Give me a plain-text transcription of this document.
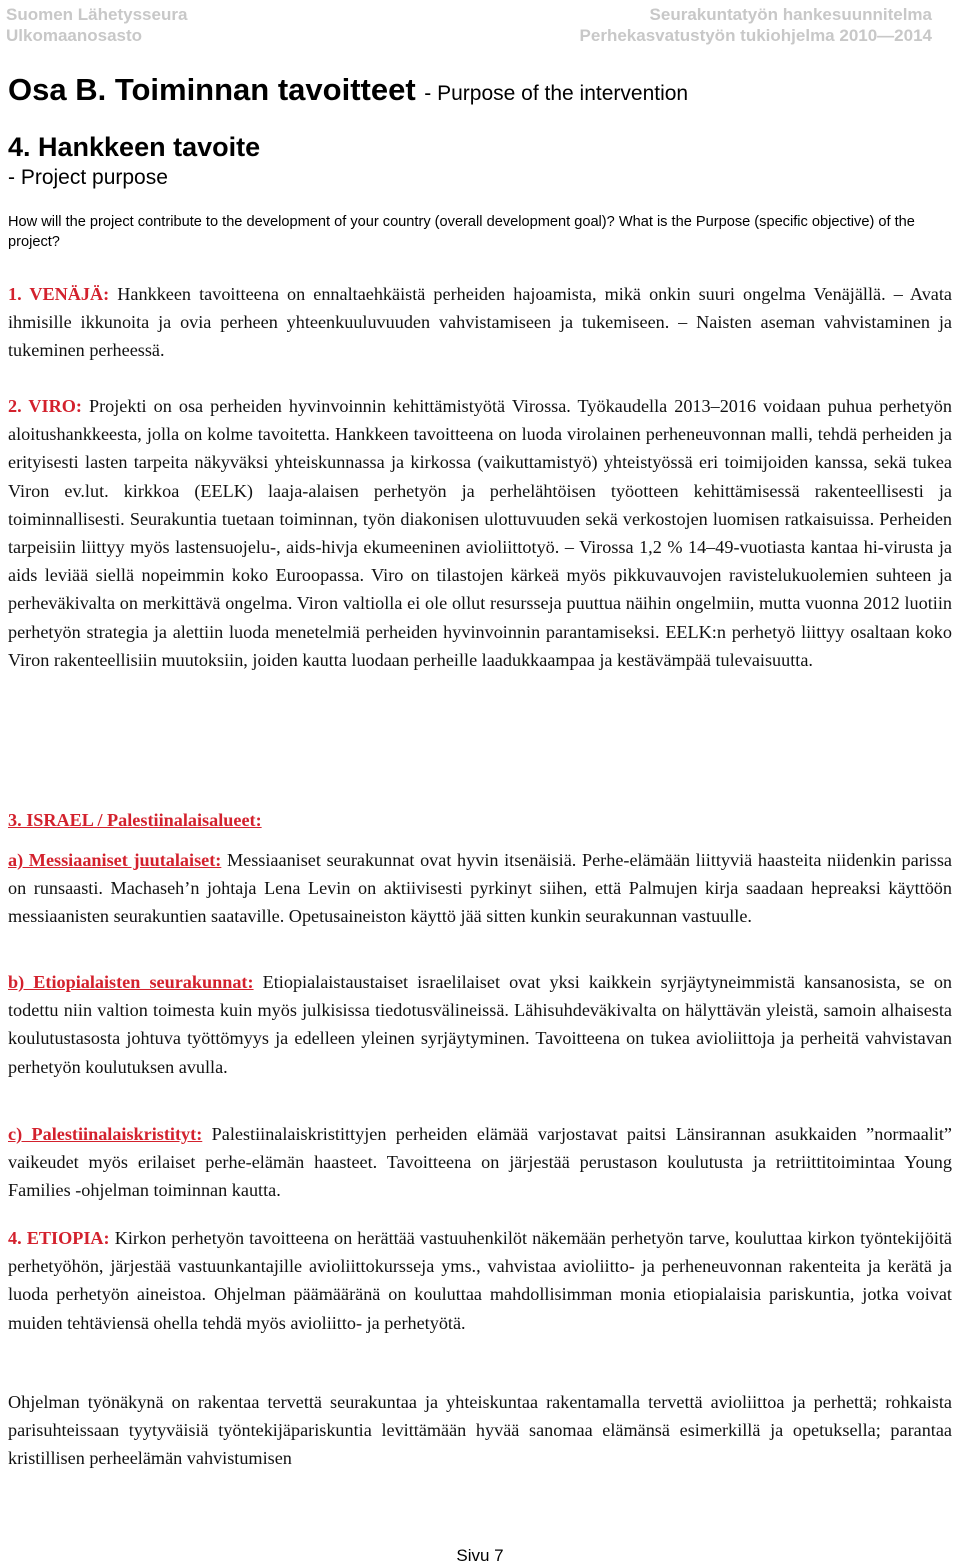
Suomen Lähetysseura
Ulkomaanosasto
Seurakuntatyön hankesuunnitelma
Perhekasvatustyön tukiohjelma 2010—2014
Osa B. Toiminnan tavoitteet - Purpose of the intervention
4. Hankkeen tavoite
- Project purpose
How will the project contribute to the development of your country (overall development goal)? What is the Purpose (specific objective) of the project?
1. VENÄJÄ: Hankkeen tavoitteena on ennaltaehkäistä perheiden hajoamista, mikä onkin suuri ongelma Venäjällä. – Avata ihmisille ikkunoita ja ovia perheen yhteenkuuluvuuden vahvistamiseen ja tukemiseen. – Naisten aseman vahvistaminen ja tukeminen perheessä.
2. VIRO: Projekti on osa perheiden hyvinvoinnin kehittämistyötä Virossa. Työkaudella 2013–2016 voidaan puhua perhetyön aloitushankkeesta, jolla on kolme tavoitetta. Hankkeen tavoitteena on luoda virolainen perheneuvonnan malli, tehdä perheiden ja erityisesti lasten tarpeita näkyväksi yhteiskunnassa ja kirkossa (vaikuttamistyö) yhteistyössä eri toimijoiden kanssa, sekä tukea Viron ev.lut. kirkkoa (EELK) laaja-alaisen perhetyön ja perhelähtöisen työotteen kehittämisessä rakenteellisesti ja toiminnallisesti. Seurakuntia tuetaan toiminnan, työn diakonisen ulottuvuuden sekä verkostojen luomisen ratkaisuissa. Perheiden tarpeisiin liittyy myös lastensuojelu-, aids-hivja ekumeeninen avioliittotyö. – Virossa 1,2 % 14–49-vuotiasta kantaa hi-virusta ja aids leviää siellä nopeimmin koko Euroopassa. Viro on tilastojen kärkeä myös pikkuvauvojen ravistelukuolemien suhteen ja perheväkivalta on merkittävä ongelma. Viron valtiolla ei ole ollut resursseja puuttua näihin ongelmiin, mutta vuonna 2012 luotiin perhetyön strategia ja alettiin luoda menetelmiä perheiden hyvinvoinnin parantamiseksi. EELK:n perhetyö liittyy osaltaan koko Viron rakenteellisiin muutoksiin, joiden kautta luodaan perheille laadukkaampaa ja kestävämpää tulevaisuutta.
3. ISRAEL / Palestiinalaisalueet:
a) Messiaaniset juutalaiset: Messiaaniset seurakunnat ovat hyvin itsenäisiä. Perhe-elämään liittyviä haasteita niidenkin parissa on runsaasti. Machaseh’n johtaja Lena Levin on aktiivisesti pyrkinyt siihen, että Palmujen kirja saadaan hepreaksi käyttöön messiaanisten seurakuntien saataville. Opetusaineiston käyttö jää sitten kunkin seurakunnan vastuulle.
b) Etiopialaisten seurakunnat: Etiopialaistaustaiset israelilaiset ovat yksi kaikkein syrjäytyneimmistä kansanosista, se on todettu niin valtion toimesta kuin myös julkisissa tiedotusvälineissä. Lähisuhdeväkivalta on hälyttävän yleistä, samoin alhaisesta koulutustasosta johtuva työttömyys ja edelleen yleinen syrjäytyminen. Tavoitteena on tukea avioliittoja ja perheitä vahvistavan perhetyön koulutuksen avulla.
c) Palestiinalaiskristityt: Palestiinalaiskristittyjen perheiden elämää varjostavat paitsi Länsirannan asukkaiden ”normaalit” vaikeudet myös erilaiset perhe-elämän haasteet. Tavoitteena on järjestää perustason koulutusta ja retriittitoimintaa Young Families -ohjelman toiminnan kautta.
4. ETIOPIA: Kirkon perhetyön tavoitteena on herättää vastuuhenkilöt näkemään perhetyön tarve, kouluttaa kirkon työntekijöitä perhetyöhön, järjestää vastuunkantajille avioliittokursseja yms., vahvistaa avioliitto- ja perheneuvonnan rakenteita ja kerätä ja luoda perhetyön aineistoa. Ohjelman päämääränä on kouluttaa mahdollisimman monia etiopialaisia pariskuntia, jotka voivat muiden tehtäviensä ohella tehdä myös avioliitto- ja perhetyötä.
Ohjelman työnäkynä on rakentaa tervettä seurakuntaa ja yhteiskuntaa rakentamalla tervettä avioliittoa ja perhettä; rohkaista parisuhteissaan tyytyväisiä työntekijäpariskuntia levittämään hyvää sanomaa elämänsä esimerkillä ja opetuksella; parantaa kristillisen perheelämän vahvistumisen
Sivu 7
